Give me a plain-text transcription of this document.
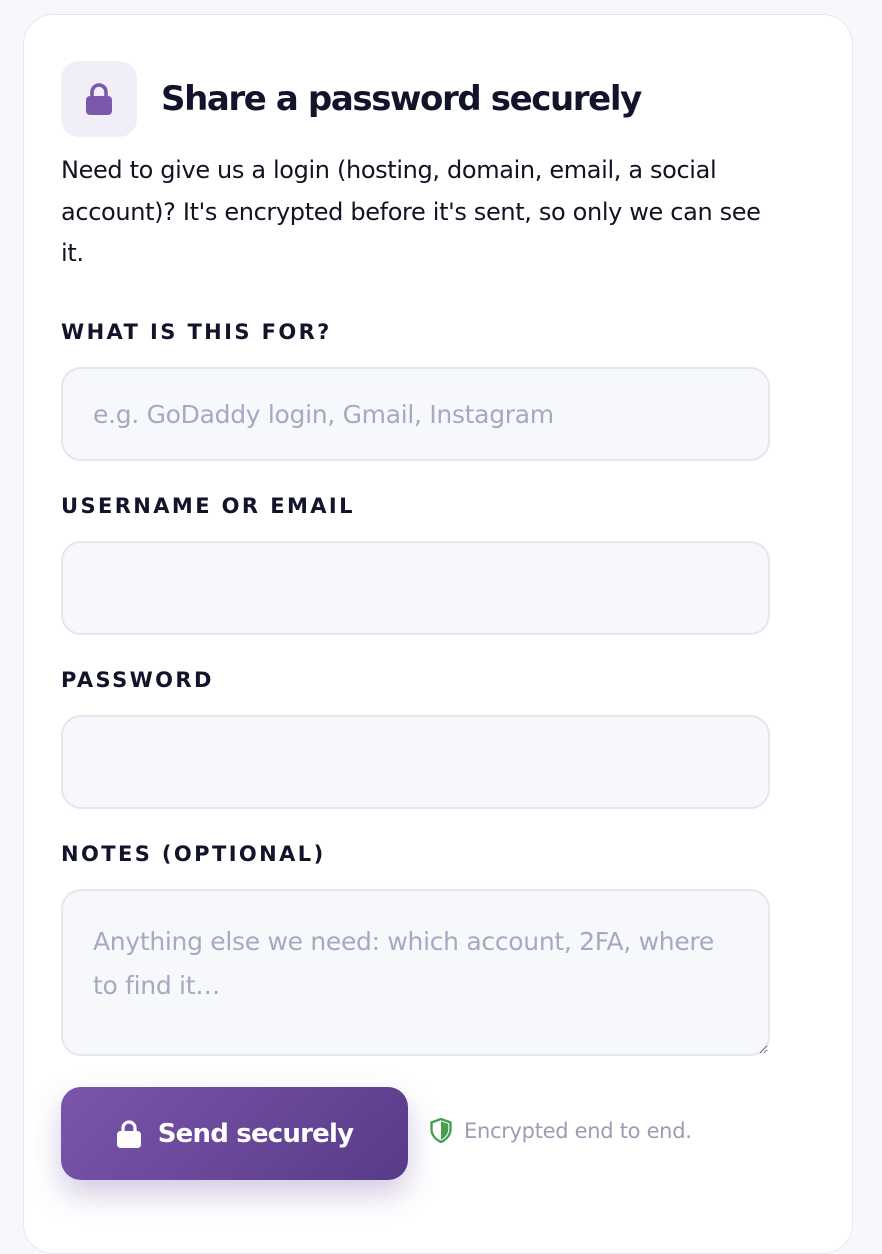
Share a password securely

Need to give us a login (hosting, domain, email, a social account)? It's encrypted before it's sent, so only we can see it.

WHAT IS THIS FOR?
e.g. GoDaddy login, Gmail, Instagram
USERNAME OR EMAIL
PASSWORD
NOTES (OPTIONAL)
Anything else we need: which account, 2FA, where to find it…
Send securely	Encrypted end to end.
